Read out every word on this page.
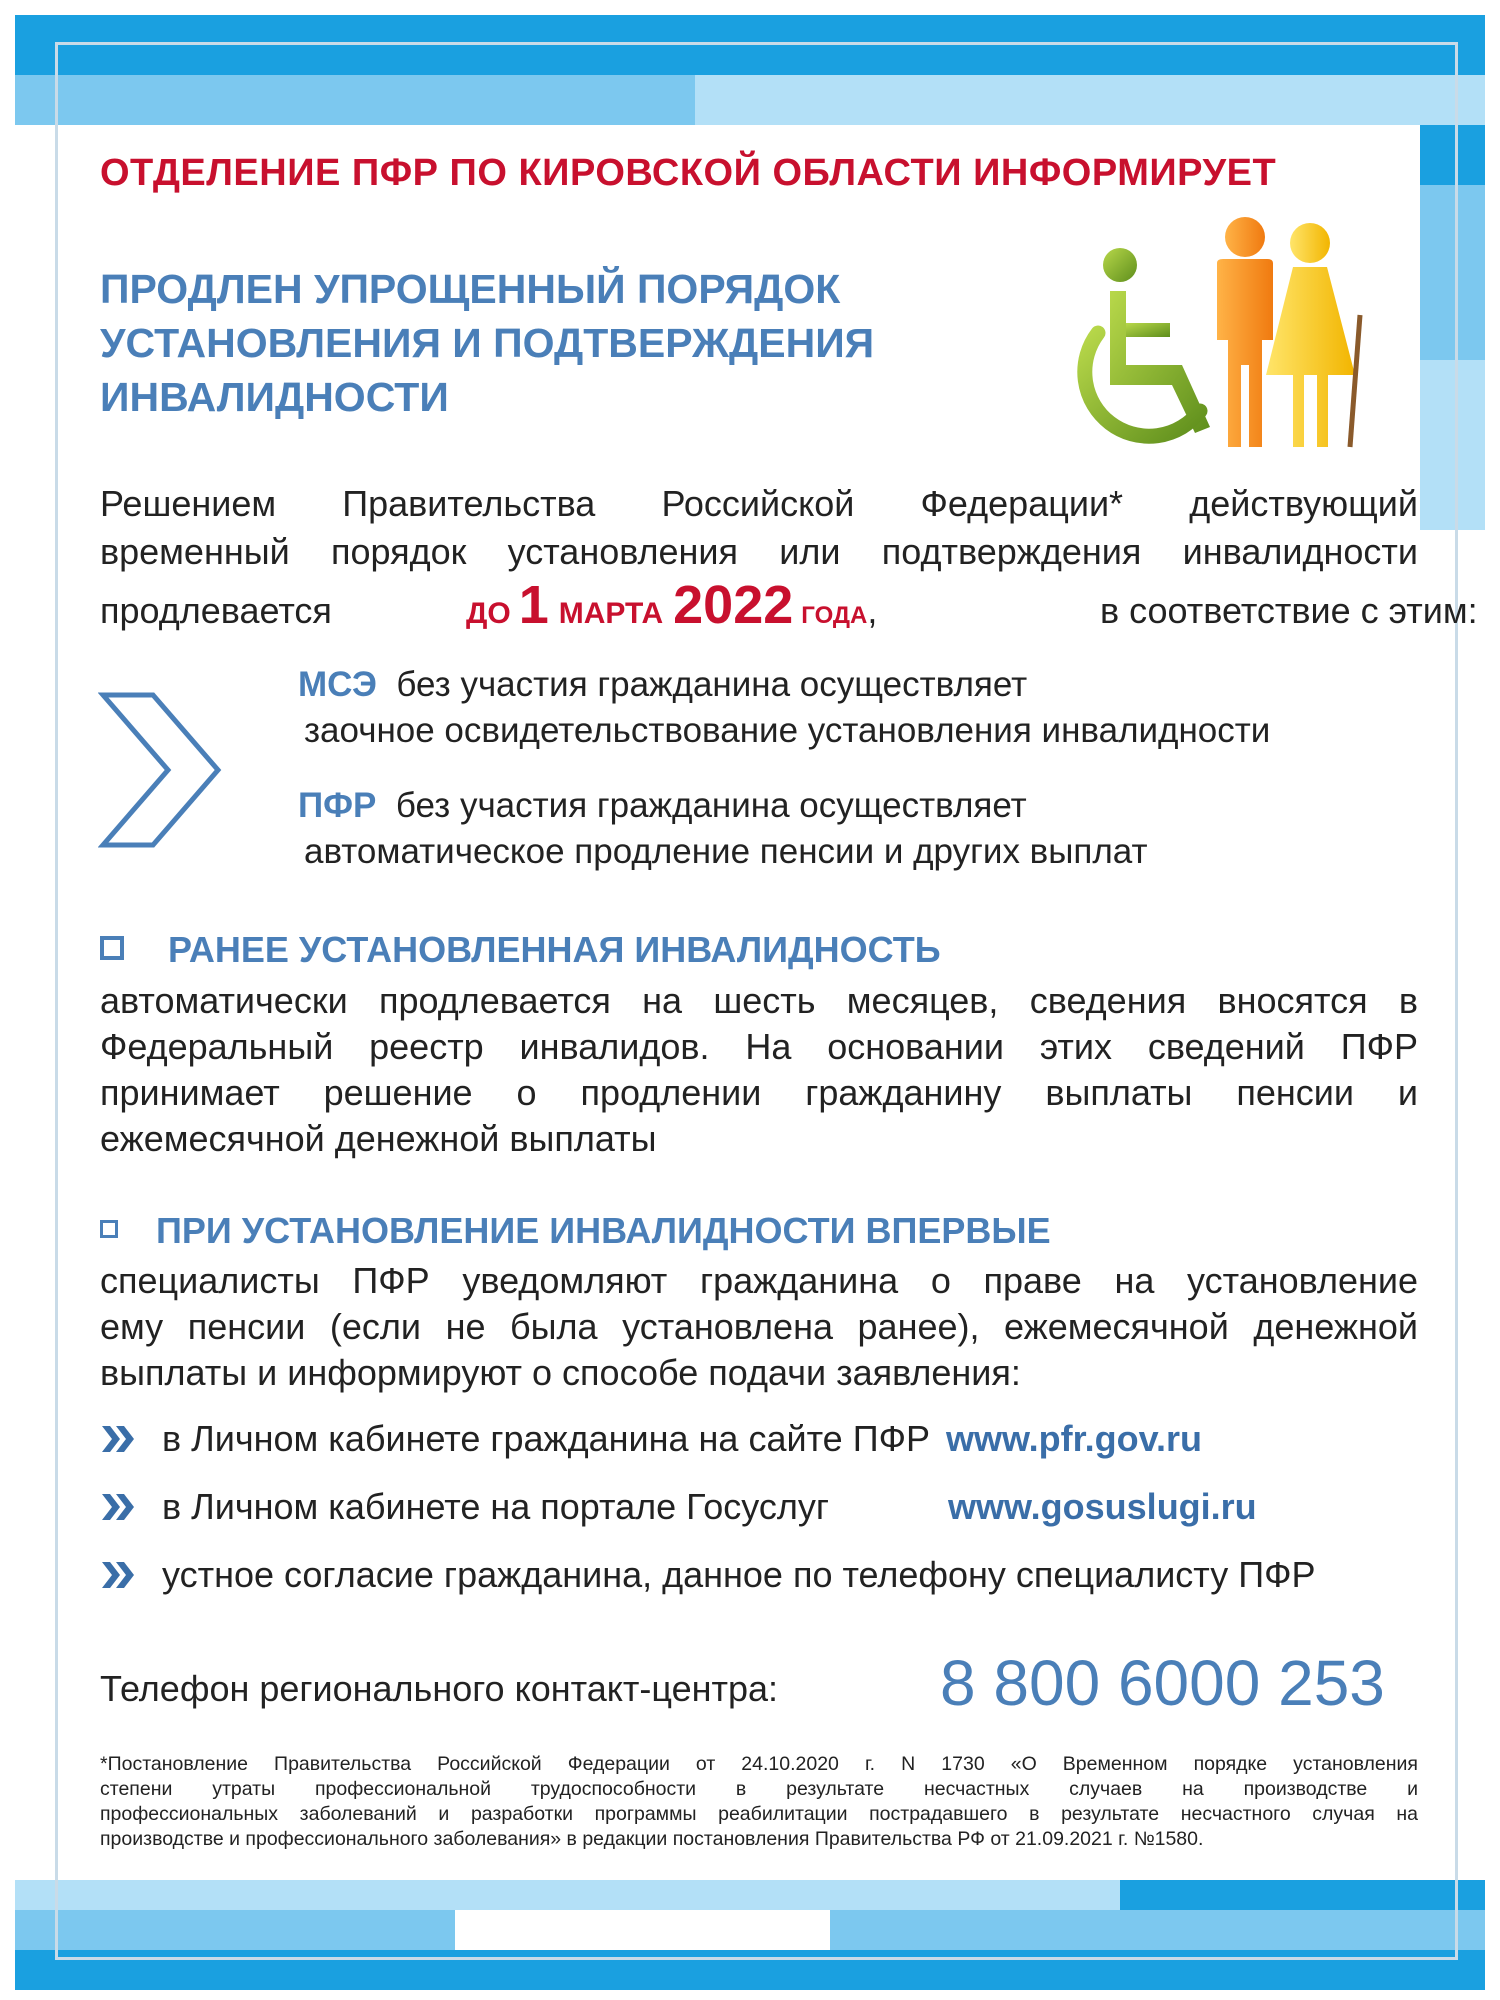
ОТДЕЛЕНИЕ ПФР ПО КИРОВСКОЙ ОБЛАСТИ ИНФОРМИРУЕТ
ПРОДЛЕН УПРОЩЕННЫЙ ПОРЯДОК
УСТАНОВЛЕНИЯ И ПОДТВЕРЖДЕНИЯ
ИНВАЛИДНОСТИ
Решением Правительства Российской Федерации* действующий
временный порядок установления или подтверждения инвалидности
продлевается	ДО 1 МАРТА 2022 ГОДА,	в соответствие с этим:
МСЭ без участия гражданина осуществляет
заочное освидетельствование установления инвалидности
ПФР без участия гражданина осуществляет
автоматическое продление пенсии и других выплат
РАНЕЕ УСТАНОВЛЕННАЯ ИНВАЛИДНОСТЬ
автоматически продлевается на шесть месяцев, сведения вносятся в
Федеральный реестр инвалидов. На основании этих сведений ПФР
принимает решение о продлении гражданину выплаты пенсии и
ежемесячной денежной выплаты
ПРИ УСТАНОВЛЕНИЕ ИНВАЛИДНОСТИ ВПЕРВЫЕ
специалисты ПФР уведомляют гражданина о праве на установление
ему пенсии (если не была установлена ранее), ежемесячной денежной
выплаты и информируют о способе подачи заявления:
в Личном кабинете гражданина на сайте ПФР www.pfr.gov.ru
в Личном кабинете на портале Госуслуг	www.gosuslugi.ru
устное согласие гражданина, данное по телефону специалисту ПФР
Телефон регионального контакт-центра:	8 800 6000 253
*Постановление Правительства Российской Федерации от 24.10.2020 г. N 1730 «О Временном порядке установления
степени утраты профессиональной трудоспособности в результате несчастных случаев на производстве и
профессиональных заболеваний и разработки программы реабилитации пострадавшего в результате несчастного случая на
производстве и профессионального заболевания» в редакции постановления Правительства РФ от 21.09.2021 г. №1580.
